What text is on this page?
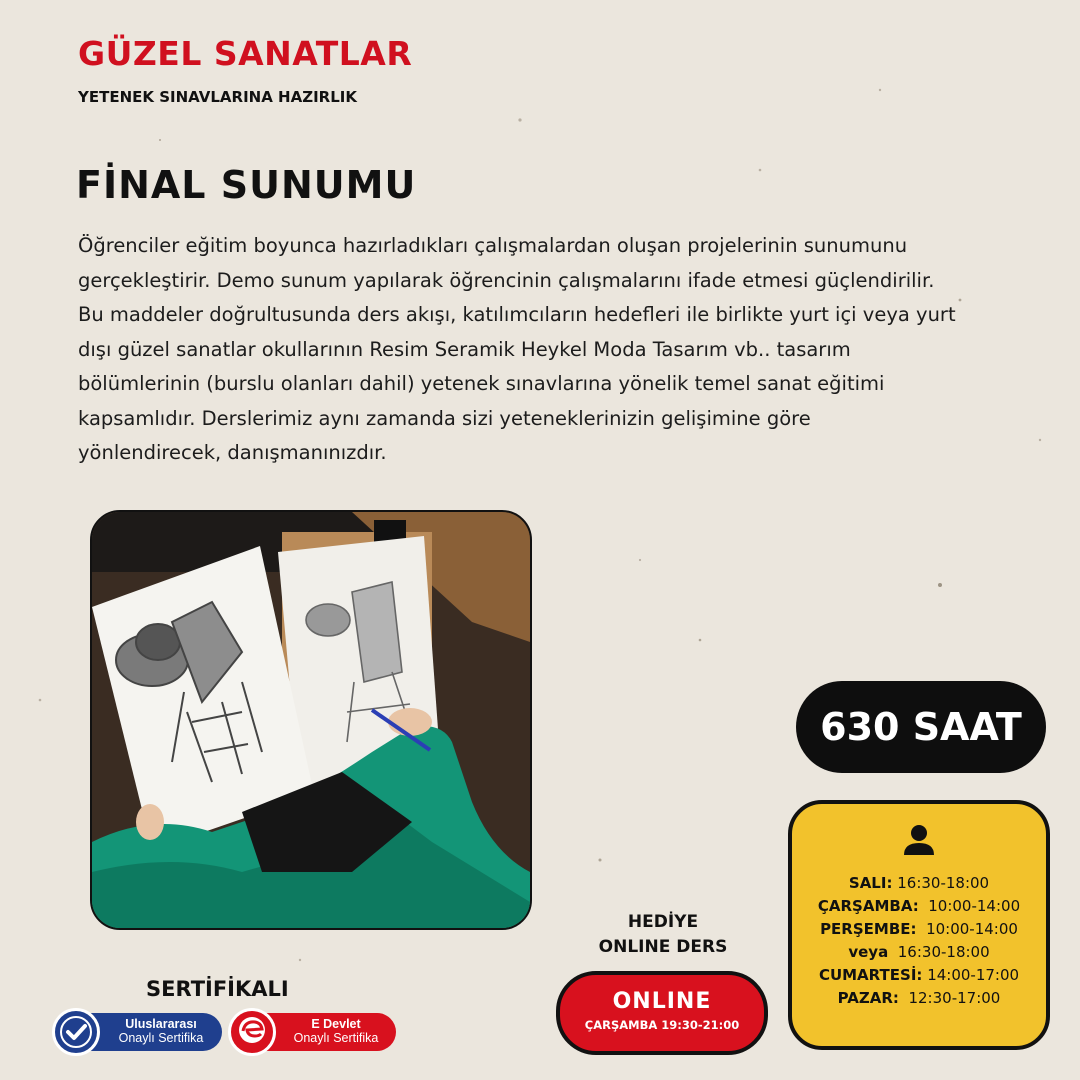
GÜZEL SANATLAR
YETENEK SINAVLARINA HAZIRLIK
FİNAL SUNUMU
Öğrenciler eğitim boyunca hazırladıkları çalışmalardan oluşan projelerinin sunumunu gerçekleştirir. Demo sunum yapılarak öğrencinin çalışmalarını ifade etmesi güçlendirilir. Bu maddeler doğrultusunda ders akışı, katılımcıların hedefleri ile birlikte yurt içi veya yurt dışı güzel sanatlar okullarının Resim Seramik Heykel Moda Tasarım vb.. tasarım bölümlerinin (burslu olanları dahil) yetenek sınavlarına yönelik temel sanat eğitimi kapsamlıdır. Derslerimiz aynı zamanda sizi yeteneklerinizin gelişimine göre yönlendirecek, danışmanınızdır.
630 SAAT
SALI: 16:30-18:00
ÇARŞAMBA: 10:00-14:00
PERŞEMBE: 10:00-14:00
veya 16:30-18:00
CUMARTESİ: 14:00-17:00
PAZAR: 12:30-17:00
HEDİYE
ONLINE DERS
ONLINE
ÇARŞAMBA 19:30-21:00
SERTİFİKALI
Uluslararası
Onaylı Sertifika
E Devlet
Onaylı Sertifika
